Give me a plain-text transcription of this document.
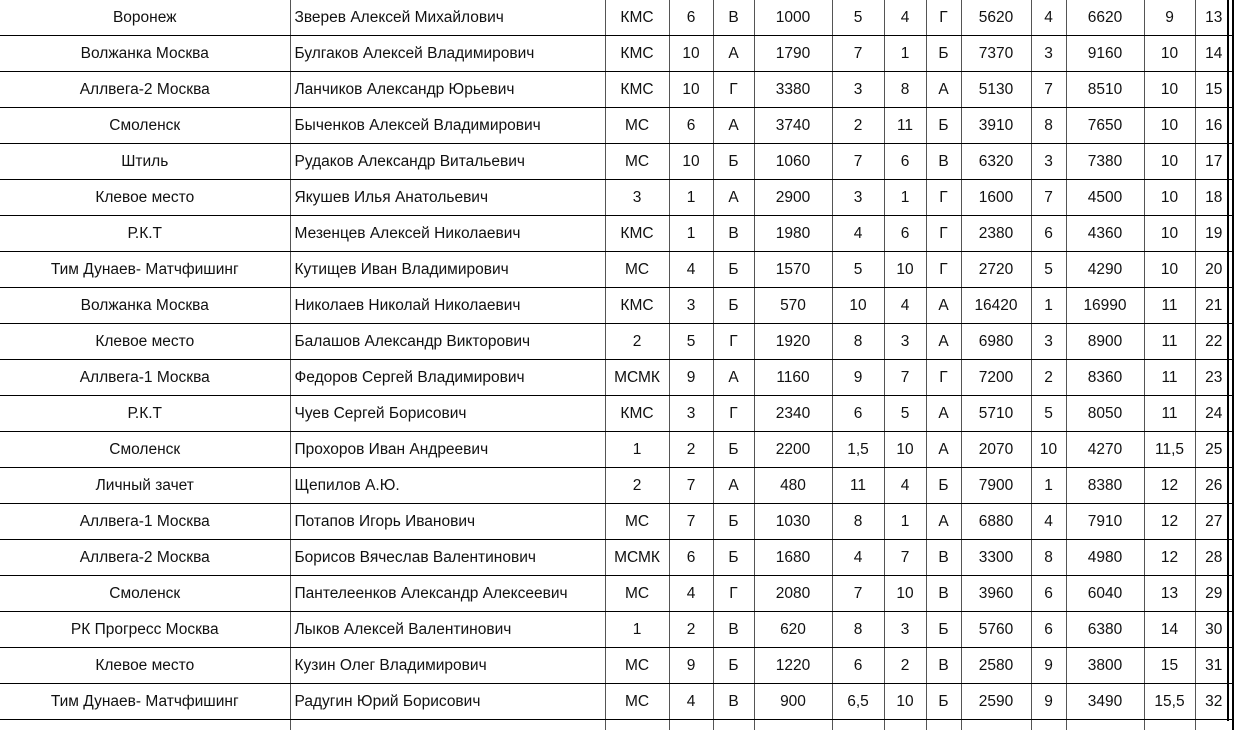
Воронеж	Зверев Алексей Михайлович	КМС	6	В	1000	5	4	Г	5620	4	6620	9	13
Волжанка Москва	Булгаков Алексей Владимирович	КМС	10	А	1790	7	1	Б	7370	3	9160	10	14
Аллвега-2 Москва	Ланчиков Александр Юрьевич	КМС	10	Г	3380	3	8	А	5130	7	8510	10	15
Смоленск	Быченков Алексей Владимирович	МС	6	А	3740	2	11	Б	3910	8	7650	10	16
Штиль	Рудаков Александр Витальевич	МС	10	Б	1060	7	6	В	6320	3	7380	10	17
Клевое место	Якушев Илья Анатольевич	3	1	А	2900	3	1	Г	1600	7	4500	10	18
Р.К.Т	Мезенцев Алексей Николаевич	КМС	1	В	1980	4	6	Г	2380	6	4360	10	19
Тим Дунаев- Матчфишинг	Кутищев Иван Владимирович	МС	4	Б	1570	5	10	Г	2720	5	4290	10	20
Волжанка Москва	Николаев Николай Николаевич	КМС	3	Б	570	10	4	А	16420	1	16990	11	21
Клевое место	Балашов Александр Викторович	2	5	Г	1920	8	3	А	6980	3	8900	11	22
Аллвега-1 Москва	Федоров Сергей Владимирович	МСМК	9	А	1160	9	7	Г	7200	2	8360	11	23
Р.К.Т	Чуев Сергей Борисович	КМС	3	Г	2340	6	5	А	5710	5	8050	11	24
Смоленск	Прохоров Иван Андреевич	1	2	Б	2200	1,5	10	А	2070	10	4270	11,5	25
Личный зачет	Щепилов А.Ю.	2	7	А	480	11	4	Б	7900	1	8380	12	26
Аллвега-1 Москва	Потапов Игорь Иванович	МС	7	Б	1030	8	1	А	6880	4	7910	12	27
Аллвега-2 Москва	Борисов Вячеслав Валентинович	МСМК	6	Б	1680	4	7	В	3300	8	4980	12	28
Смоленск	Пантелеенков Александр Алексеевич	МС	4	Г	2080	7	10	В	3960	6	6040	13	29
РК Прогресс Москва	Лыков Алексей Валентинович	1	2	В	620	8	3	Б	5760	6	6380	14	30
Клевое место	Кузин Олег Владимирович	МС	9	Б	1220	6	2	В	2580	9	3800	15	31
Тим Дунаев- Матчфишинг	Радугин Юрий Борисович	МС	4	В	900	6,5	10	Б	2590	9	3490	15,5	32
